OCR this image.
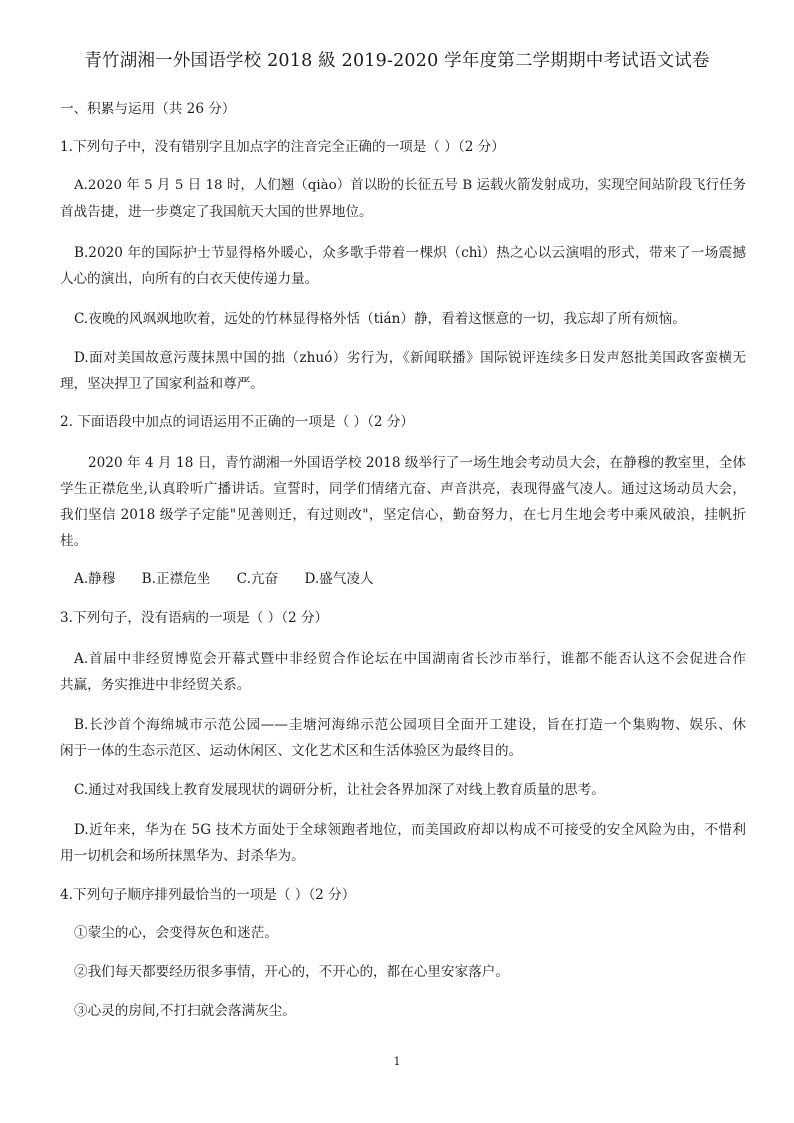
青竹湖湘一外国语学校 2018 級 2019-2020 学年度第二学期期中考试语文试卷
一、积累与运用（共 26 分）
1.下列句子中，没有错别字且加点字的注音完全正确的一项是（ ）（2 分）
A.2020 年 5 月 5 日 18 时，人们翘（qiào）首以盼的长征五号 B 运载火箭发射成功，实现空间站阶段飞行任务
首战告捷，进一步奠定了我国航天大国的世界地位。
B.2020 年的国际护士节显得格外暖心，众多歌手带着一棵炽（chì）热之心以云演唱的形式，带来了一场震撼
人心的演出，向所有的白衣天使传递力量。
C.夜晚的风飒飒地吹着，远处的竹林显得格外恬（tián）静，看着这惬意的一切，我忘却了所有烦恼。
D.面对美国故意污蔑抹黑中国的拙（zhuó）劣行为，《新闻联播》国际锐评连续多日发声怒批美国政客蛮横无
理，坚决捍卫了国家利益和尊严。
2. 下面语段中加点的词语运用不正确的一项是（ ）（2 分）
2020 年 4 月 18 日，青竹湖湘一外国语学校 2018 级举行了一场生地会考动员大会，在静穆的教室里，全体
学生正襟危坐,认真聆听广播讲话。宣誓时，同学们情绪亢奋、声音洪亮，表现得盛气凌人。通过这场动员大会，
我们坚信 2018 级学子定能"见善则迁，有过则改"，坚定信心，勤奋努力，在七月生地会考中乘风破浪，挂帆折
桂。
A.静穆 B.正襟危坐 C.亢奋 D.盛气凌人
3.下列句子，没有语病的一项是（ ）（2 分）
A.首届中非经贸博览会开幕式暨中非经贸合作论坛在中国湖南省长沙市举行，谁都不能否认这不会促进合作
共赢，务实推进中非经贸关系。
B.长沙首个海绵城市示范公园——圭塘河海绵示范公园项目全面开工建设，旨在打造一个集购物、娱乐、休
闲于一体的生态示范区、运动休闲区、文化艺术区和生活体验区为最终目的。
C.通过对我国线上教育发展现状的调研分析，让社会各界加深了对线上教育质量的思考。
D.近年来，华为在 5G 技术方面处于全球领跑者地位，而美国政府却以构成不可接受的安全风险为由，不惜利
用一切机会和场所抹黑华为、封杀华为。
4.下列句子顺序排列最恰当的一项是（ ）（2 分）
①蒙尘的心，会变得灰色和迷茫。
②我们每天都要经历很多事情，开心的，不开心的，都在心里安家落户。
③心灵的房间,不打扫就会落满灰尘。
1
